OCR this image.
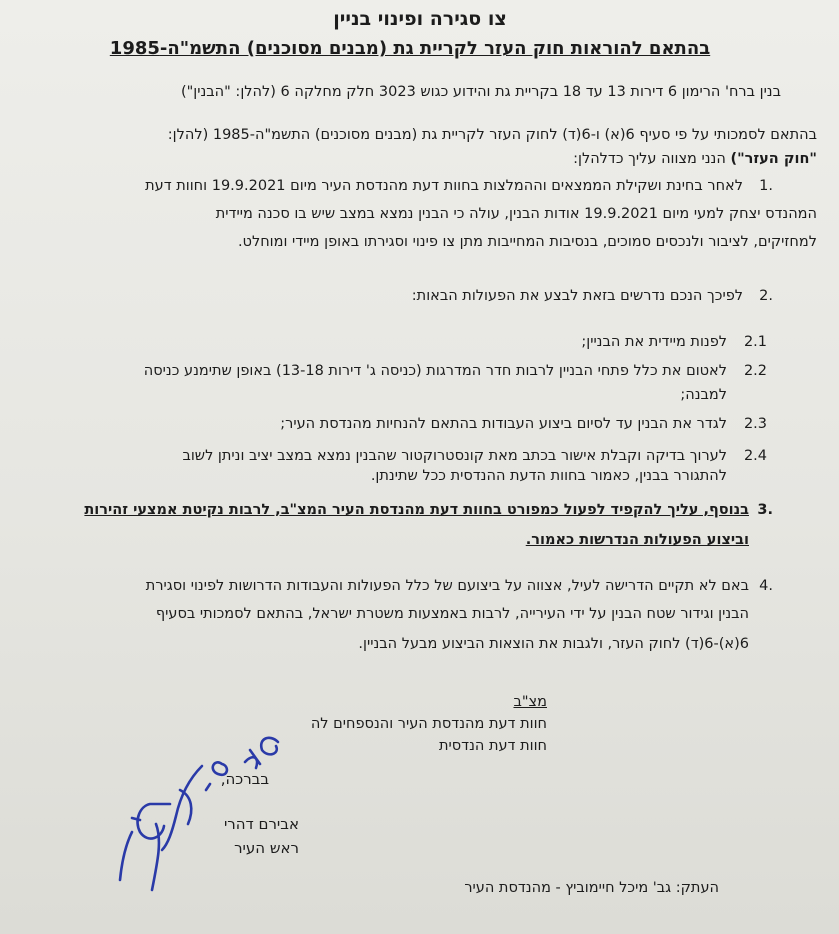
צו סגירה ופינוי בניין
בהתאם להוראות חוק העזר לקריית גת (מבנים מסוכנים) התשמ"ה-1985
בנין ברח' הרימון 6 דירות 13 עד 18 בקריית גת והידוע כגוש 3023 חלק מחלקה 6 (להלן: "הבנין")
בהתאם לסמכותי על פי סעיף 6(א) ו-6(ד) לחוק העזר לקריית גת (מבנים מסוכנים) התשמ"ה-1985 (להלן:
"חוק העזר") הנני מצווה עליך כדלהלן:
1.
לאחר בחינת ושקילת הממצאים וההמלצות בחוות דעת מהנדסת העיר מיום 19.9.2021 וחוות דעת
המהנדס יצחק למעי מיום 19.9.2021 אודות הבנין, עולה כי הבנין נמצא במצב שיש בו סכנה מיידית
למחזיקים, לציבור ולנכסים סמוכים, בנסיבות המחייבות מתן צו פינוי וסגירתו באופן מיידי ומוחלט.
2.
לפיכך הנכם נדרשים בזאת לבצע את הפעולות הבאות:
2.1
לפנות מיידית את הבניין;
2.2
לאטום את כלל פתחי הבניין לרבות חדר המדרגות (כניסה ג' דירות 13-18) באופן שתימנע כניסה
למבנה;
2.3
לגדר את הבנין עד לסיום ביצוע העבודות בהתאם להנחיות מהנדסת העיר;
2.4
לערוך בדיקה וקבלת אישור בכתב מאת קונסטרוקטור שהבנין נמצא במצב יציב וניתן לשוב
להתגורר בבנין, כאמור בחוות הדעת ההנדסית ככל שתינתן.
3.
בנוסף, עליך להקפיד לפעול כמפורט בחוות דעת מהנדסת העיר המצ"ב, לרבות נקיטת אמצעי זהירות
וביצוע הפעולות הנדרשות כאמור.
4.
באם לא תקיים הדרישה לעיל, אצווה על ביצועם של כלל הפעולות והעבודות הדרושות לפינוי וסגירת
הבנין וגידור שטח הבנין על ידי העירייה, לרבות באמצעות משטרת ישראל, בהתאם לסמכותי בסעיף
6(א)-6(ד) לחוק העזר, ולגבות את הוצאות הביצוע מבעל הבניין.
מצ"ב
חוות דעת מהנדסת העיר והנספחים לה
חוות דעת הנדסית
בברכה,
אבירם דהרי
ראש העיר
העתק: גב' מיכל חיימוביץ - מהנדסת העיר
